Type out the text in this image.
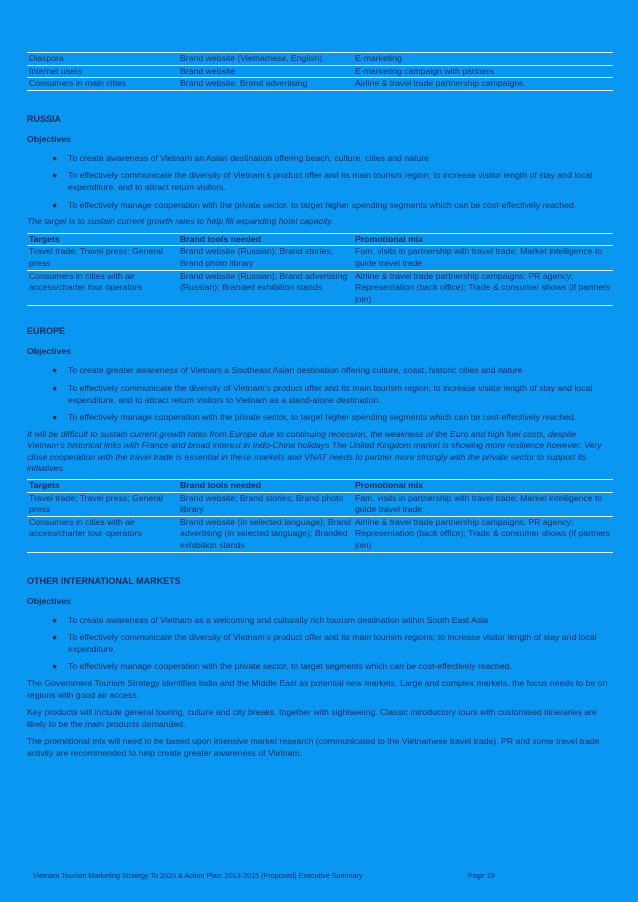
Diaspora	Brand website (Vietnamese, English)	E-marketing
Internet users	Brand website	E-marketing campaign with partners
Consumers in main cities	Brand website; Brand advertising	Airline & travel trade partnership campaigns

RUSSIA

Objectives

● To create awareness of Vietnam an Asian destination offering beach, culture, cities and nature
● To effectively communicate the diversity of Vietnam’s product offer and its main tourism region; to increase visitor length of stay and local expenditure, and to attract return visitors.
● To effectively manage cooperation with the private sector, to target higher spending segments which can be cost-effectively reached.

The target is to sustain current growth rates to help fill expanding hotel capacity.

Targets	Brand tools needed	Promotional mix
Travel trade; Travel press; General press	Brand website (Russian); Brand stories; Brand photo library	Fam. visits in partnership with travel trade; Market intelligence to guide travel trade
Consumers in cities with air access/charter tour operators	Brand website (Russian); Brand advertising (Russian); Branded exhibition stands	Airline & travel trade partnership campaigns; PR agency; Representation (back office); Trade & consumer shows (if partners join)

EUROPE

Objectives

● To create greater awareness of Vietnam a Southeast Asian destination offering culture, coast, historic cities and nature
● To effectively communicate the diversity of Vietnam’s product offer and its main tourism region; to increase visitor length of stay and local expenditure, and to attract return visitors to Vietnam as a stand-alone destination.
● To effectively manage cooperation with the private sector, to target higher spending segments which can be cost-effectively reached.

It will be difficult to sustain current growth rates from Europe due to continuing recession, the weakness of the Euro and high fuel costs, despite Vietnam’s historical links with France and broad interest in Indo-China holidays The United Kingdom market is showing more resilience however. Very close cooperation with the travel trade is essential in these markets and VNAT needs to partner more strongly with the private sector to support its initiatives.

Targets	Brand tools needed	Promotional mix
Travel trade; Travel press; General press	Brand website; Brand stories; Brand photo library	Fam. visits in partnership with travel trade; Market intelligence to guide travel trade
Consumers in cities with air access/charter tour operators	Brand website (in selected language); Brand advertising (in selected language); Branded exhibition stands	Airline & travel trade partnership campaigns; PR agency; Representation (back office); Trade & consumer shows (if partners join)

OTHER INTERNATIONAL MARKETS

Objectives

● To create awareness of Vietnam as a welcoming and culturally rich tourism destination within South East Asia
● To effectively communicate the diversity of Vietnam’s product offer and its main tourism regions; to increase visitor length of stay and local expenditure.
● To effectively manage cooperation with the private sector, to target segments which can be cost-effectively reached.

The Government Tourism Strategy identifies India and the Middle East as potential new markets. Large and complex markets, the focus needs to be on regions with good air access.

Key products will include general touring, culture and city breaks, together with sightseeing. Classic introductory tours with customised itineraries are likely to be the main products demanded.

The promotional mix will need to be based upon intensive market research (communicated to the Vietnamese travel trade). PR and some travel trade activity are recommended to help create greater awareness of Vietnam.

Vietnam Tourism Marketing Strategy To 2020 & Action Plan: 2013-2015 (Proposed) Executive Summary	Page 19
